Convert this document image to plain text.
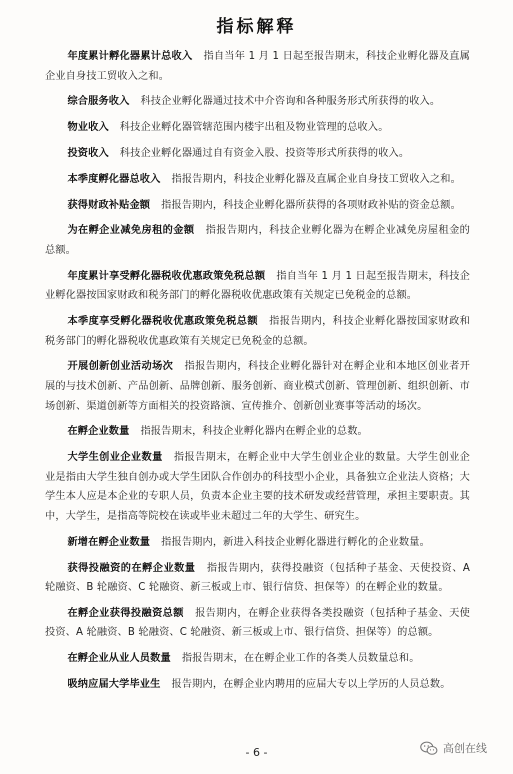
指标解释

年度累计孵化器累计总收入 指自当年 1 月 1 日起至报告期末，科技企业孵化器及直属企业自身技工贸收入之和。

综合服务收入 科技企业孵化器通过技术中介咨询和各种服务形式所获得的收入。

物业收入 科技企业孵化器管辖范围内楼宇出租及物业管理的总收入。

投资收入 科技企业孵化器通过自有资金入股、投资等形式所获得的收入。

本季度孵化器总收入 指报告期内，科技企业孵化器及直属企业自身技工贸收入之和。

获得财政补贴金额 指报告期内，科技企业孵化器所获得的各项财政补贴的资金总额。

为在孵企业减免房租的金额 指报告期内，科技企业孵化器为在孵企业减免房屋租金的总额。

年度累计享受孵化器税收优惠政策免税总额 指自当年 1 月 1 日起至报告期末，科技企业孵化器按国家财政和税务部门的孵化器税收优惠政策有关规定已免税金的总额。

本季度享受孵化器税收优惠政策免税总额 指报告期内，科技企业孵化器按国家财政和税务部门的孵化器税收优惠政策有关规定已免税金的总额。

开展创新创业活动场次 指报告期内，科技企业孵化器针对在孵企业和本地区创业者开展的与技术创新、产品创新、品牌创新、服务创新、商业模式创新、管理创新、组织创新、市场创新、渠道创新等方面相关的投资路演、宣传推介、创新创业赛事等活动的场次。

在孵企业数量 指报告期末，科技企业孵化器内在孵企业的总数。

大学生创业企业数量 指报告期末，在孵企业中大学生创业企业的数量。大学生创业企业是指由大学生独自创办或大学生团队合作创办的科技型小企业，具备独立企业法人资格；大学生本人应是本企业的专职人员，负责本企业主要的技术研发或经营管理，承担主要职责。其中，大学生，是指高等院校在读或毕业未超过二年的大学生、研究生。

新增在孵企业数量 指报告期内，新进入科技企业孵化器进行孵化的企业数量。

获得投融资的在孵企业数量 指报告期内，获得投融资（包括种子基金、天使投资、A 轮融资、B 轮融资、C 轮融资、新三板或上市、银行信贷、担保等）的在孵企业的数量。

在孵企业获得投融资总额 报告期内，在孵企业获得各类投融资（包括种子基金、天使投资、A 轮融资、B 轮融资、C 轮融资、新三板或上市、银行信贷、担保等）的总额。

在孵企业从业人员数量 指报告期末，在在孵企业工作的各类人员数量总和。

吸纳应届大学毕业生 报告期内，在孵企业内聘用的应届大专以上学历的人员总数。

- 6 -	高创在线
